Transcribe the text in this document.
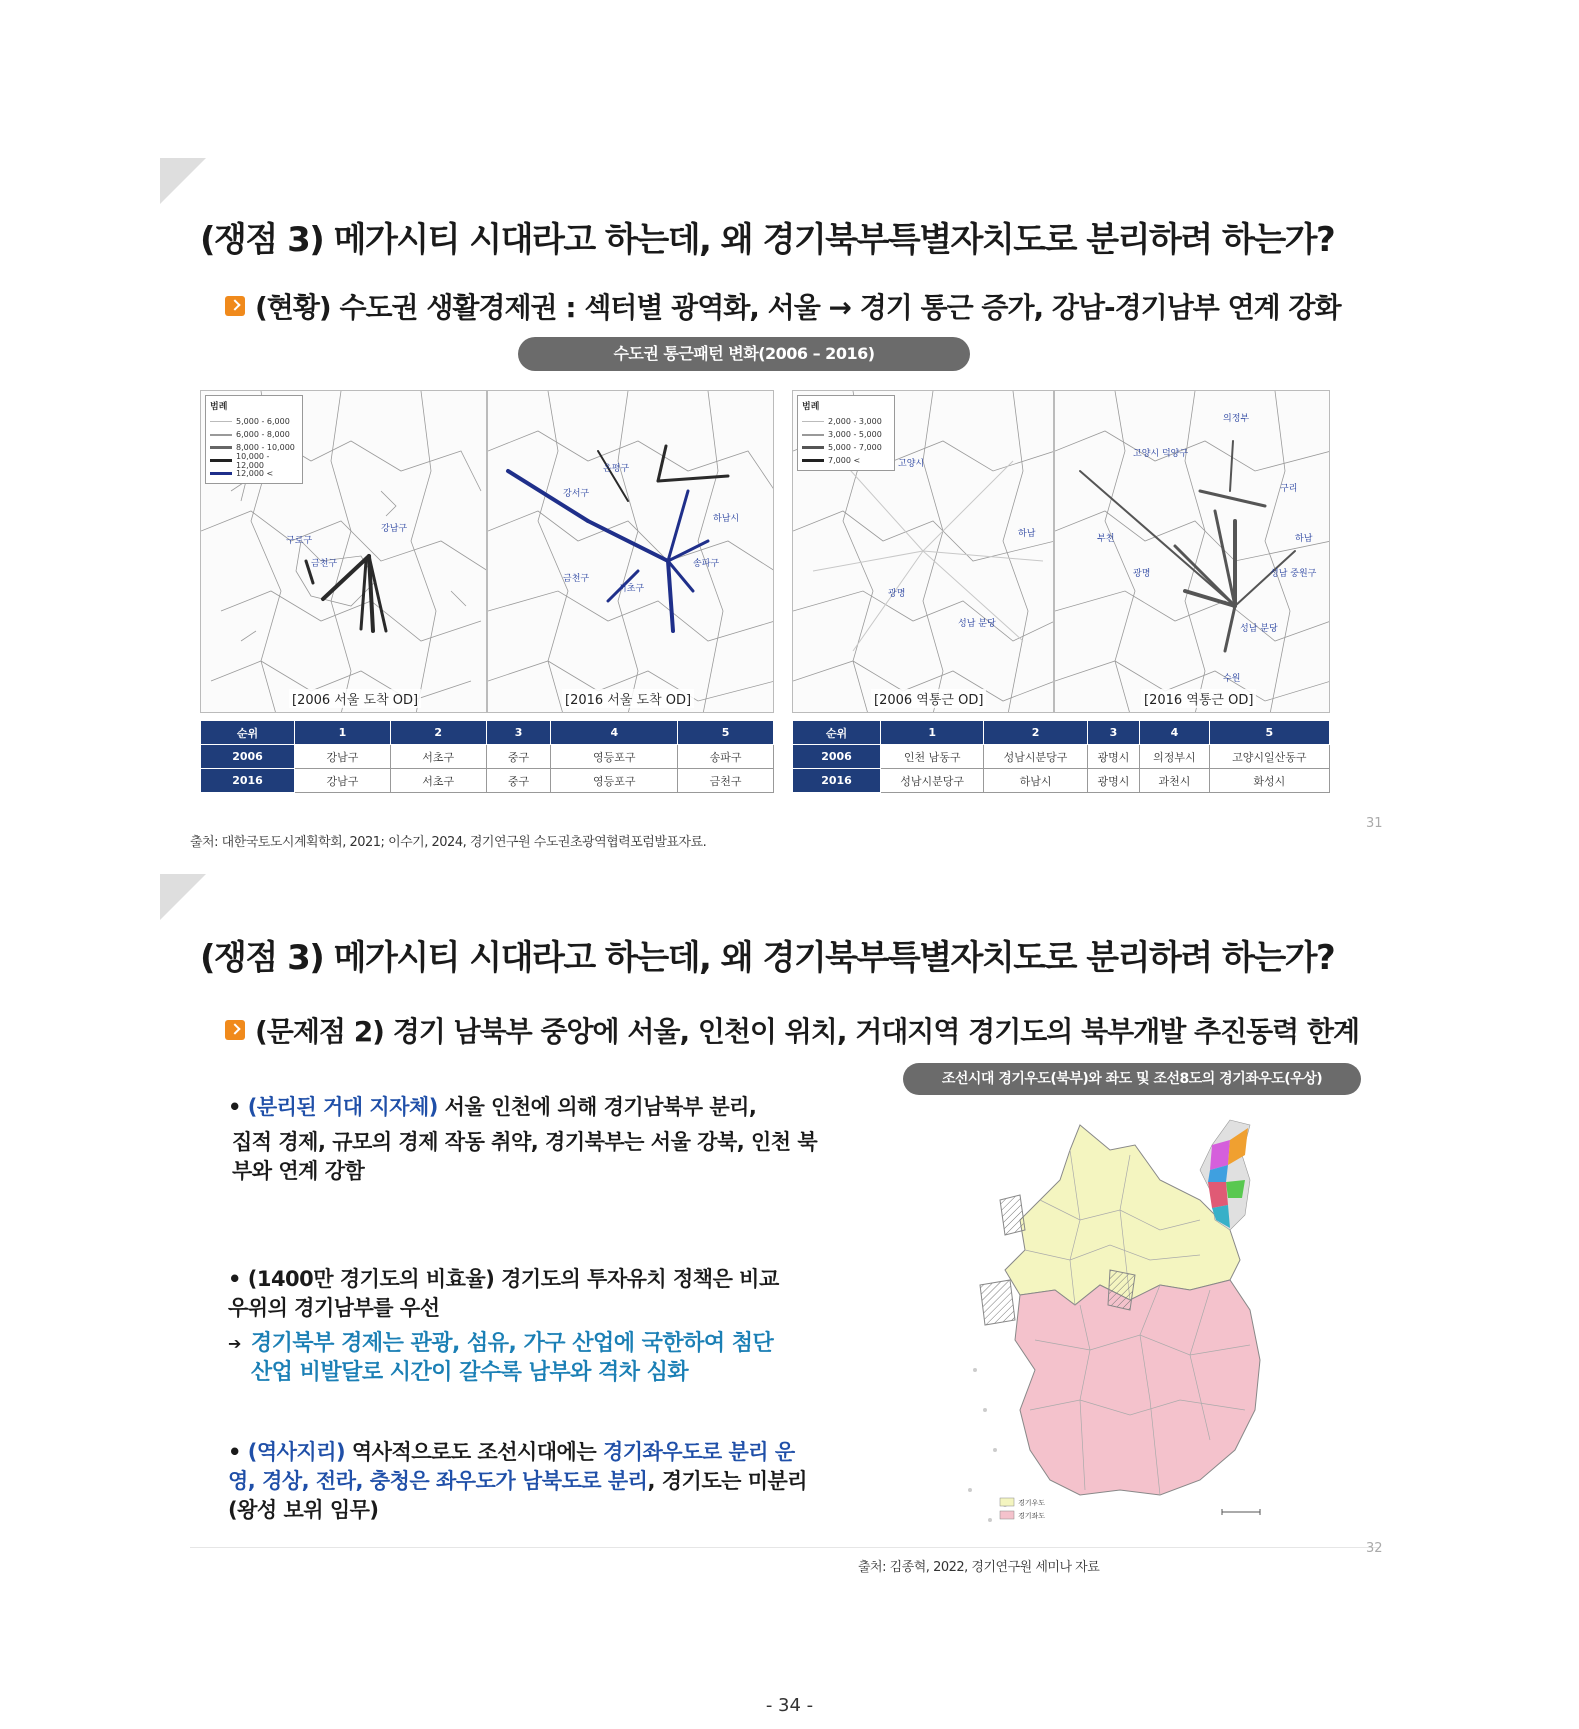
(쟁점 3) 메가시티 시대라고 하는데, 왜 경기북부특별자치도로 분리하려 하는가?
(현황) 수도권 생활경제권 : 섹터별 광역화, 서울 → 경기 통근 증가, 강남-경기남부 연계 강화
수도권 통근패턴 변화(2006 – 2016)
구로구
금천구
강남구
범례
5,000 - 6,000
6,000 - 8,000
8,000 - 10,000
10,000 - 12,000
12,000 <
[2006 서울 도착 OD]
은평구
강서구
하남시
금천구
서초구
송파구
[2016 서울 도착 OD]
고양시
광명
성남 분당
하남
범례
2,000 - 3,000
3,000 - 5,000
5,000 - 7,000
7,000 <
[2006 역통근 OD]
의정부
고양시 덕양구
구리
하남
성남 중원구
부천
광명
성남 분당
수원
[2016 역통근 OD]
순위	1	2	3	4	5
2006	강남구	서초구	중구	영등포구	송파구
2016	강남구	서초구	중구	영등포구	금천구
순위	1	2	3	4	5
2006	인천 남동구	성남시분당구	광명시	의정부시	고양시일산동구
2016	성남시분당구	하남시	광명시	과천시	화성시
출처: 대한국토도시계획학회, 2021; 이수기, 2024, 경기연구원 수도권초광역협력포럼발표자료.
31
(쟁점 3) 메가시티 시대라고 하는데, 왜 경기북부특별자치도로 분리하려 하는가?
(문제점 2) 경기 남북부 중앙에 서울, 인천이 위치, 거대지역 경기도의 북부개발 추진동력 한계
조선시대 경기우도(북부)와 좌도 및 조선8도의 경기좌우도(우상)
• (분리된 거대 지자체) 서울 인천에 의해 경기남북부 분리,
집적 경제, 규모의 경제 작동 취약, 경기북부는 서울 강북, 인천 북부와 연계 강함
• (1400만 경기도의 비효율) 경기도의 투자유치 정책은 비교 우위의 경기남부를 우선
➔ 경기북부 경제는 관광, 섬유, 가구 산업에 국한하여 첨단산업 비발달로 시간이 갈수록 남부와 격차 심화
• (역사지리) 역사적으로도 조선시대에는 경기좌우도로 분리 운영, 경상, 전라, 충청은 좌우도가 남북도로 분리, 경기도는 미분리 (왕성 보위 임무)	경기우도
경기좌도
출처: 김종혁, 2022, 경기연구원 세미나 자료
32
- 34 -
